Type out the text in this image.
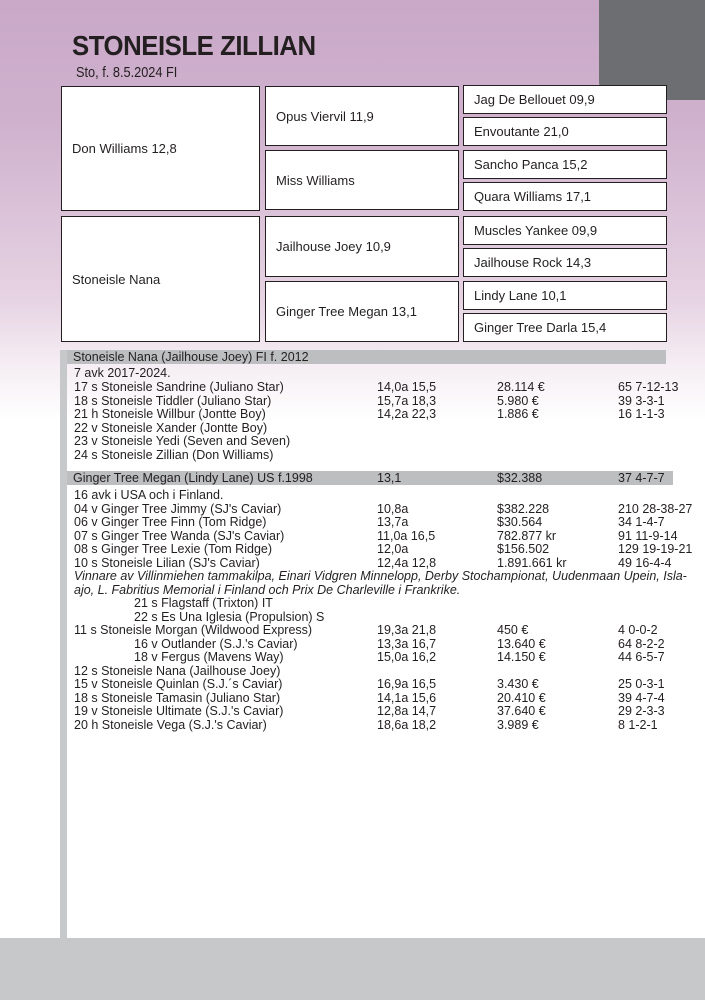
STONEISLE ZILLIAN
Sto, f. 8.5.2024 FI
Don Williams 12,8
Stoneisle Nana
Opus Viervil 11,9
Miss Williams
Jailhouse Joey 10,9
Ginger Tree Megan 13,1
Jag De Bellouet 09,9
Envoutante 21,0
Sancho Panca 15,2
Quara Williams 17,1
Muscles Yankee 09,9
Jailhouse Rock 14,3
Lindy Lane 10,1
Ginger Tree Darla 15,4
Stoneisle Nana (Jailhouse Joey) FI f. 2012
7 avk 2017-2024.
17 s Stoneisle Sandrine (Juliano Star)	14,0a 15,5	28.114 €	65 7-12-13
18 s Stoneisle Tiddler (Juliano Star)	15,7a 18,3	5.980 €	39 3-3-1
21 h Stoneisle Willbur (Jontte Boy)	14,2a 22,3	1.886 €	16 1-1-3
22 v Stoneisle Xander (Jontte Boy)
23 v Stoneisle Yedi (Seven and Seven)
24 s Stoneisle Zillian (Don Williams)
Ginger Tree Megan (Lindy Lane) US f.1998	13,1	$32.388	37 4-7-7
16 avk i USA och i Finland.
04 v Ginger Tree Jimmy (SJ's Caviar)	10,8a	$382.228	210 28-38-27
06 v Ginger Tree Finn (Tom Ridge)	13,7a	$30.564	34 1-4-7
07 s Ginger Tree Wanda (SJ's Caviar)	11,0a 16,5	782.877 kr	91 11-9-14
08 s Ginger Tree Lexie (Tom Ridge)	12,0a	$156.502	129 19-19-21
10 s Stoneisle Lilian (SJ's Caviar)	12,4a 12,8	1.891.661 kr	49 16-4-4
Vinnare av Villinmiehen tammakilpa, Einari Vidgren Minnelopp, Derby Stochampionat, Uudenmaan Upein, Isla-
ajo, L. Fabritius Memorial i Finland och Prix De Charleville i Frankrike.
21 s Flagstaff (Trixton) IT
22 s Es Una Iglesia (Propulsion) S
11 s Stoneisle Morgan (Wildwood Express)	19,3a 21,8	450 €	4 0-0-2
16 v Outlander (S.J.'s Caviar)	13,3a 16,7	13.640 €	64 8-2-2
18 v Fergus (Mavens Way)	15,0a 16,2	14.150 €	44 6-5-7
12 s Stoneisle Nana (Jailhouse Joey)
15 v Stoneisle Quinlan (S.J.´s Caviar)	16,9a 16,5	3.430 €	25 0-3-1
18 s Stoneisle Tamasin (Juliano Star)	14,1a 15,6	20.410 €	39 4-7-4
19 v Stoneisle Ultimate (S.J.'s Caviar)	12,8a 14,7	37.640 €	29 2-3-3
20 h Stoneisle Vega (S.J.'s Caviar)	18,6a 18,2	3.989 €	8 1-2-1
